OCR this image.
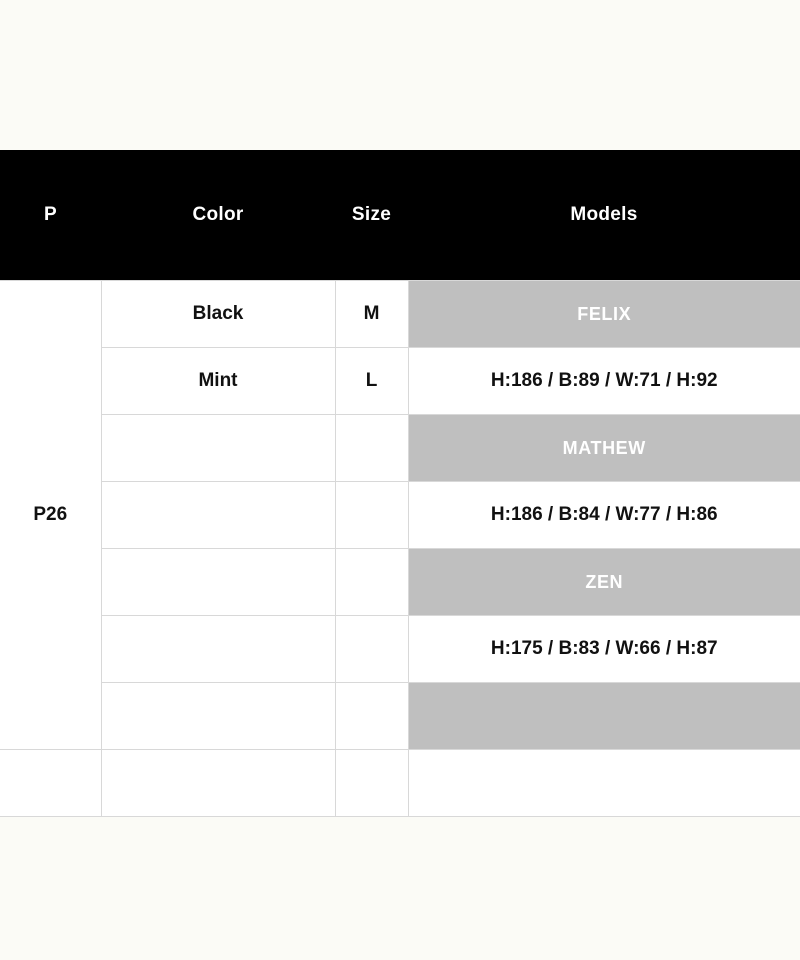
P	Color	Size	Models
P26	Black	M	FELIX
	Mint	L	H:186 / B:89 / W:71 / H:92
			MATHEW
			H:186 / B:84 / W:77 / H:86
			ZEN
			H:175 / B:83 / W:66 / H:87
